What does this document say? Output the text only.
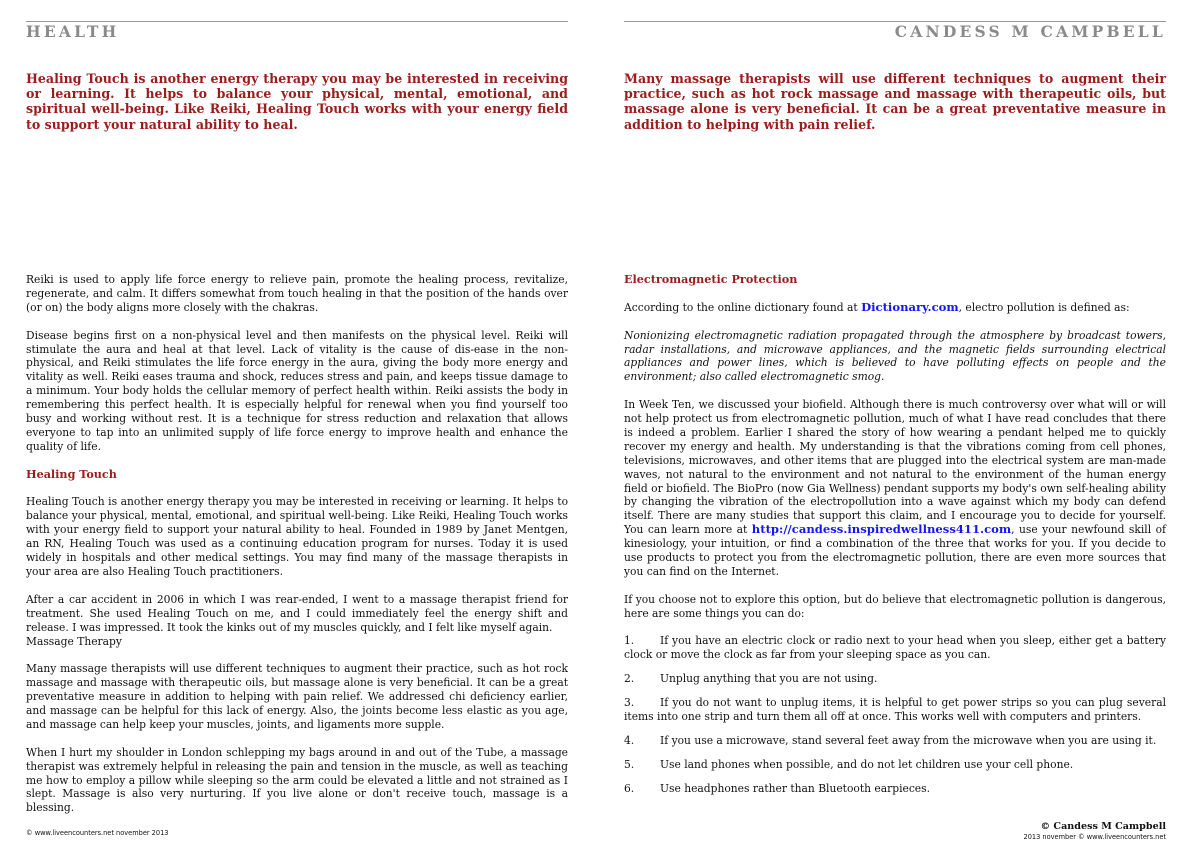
HEALTH

Healing Touch is another energy therapy you may be interested in receiving or learning. It helps to balance your physical, mental, emotional, and spiritual well-being. Like Reiki, Healing Touch works with your energy field to support your natural ability to heal.

Reiki is used to apply life force energy to relieve pain, promote the healing process, revitalize, regenerate, and calm. It differs somewhat from touch healing in that the position of the hands over (or on) the body aligns more closely with the chakras.

Disease begins first on a non-physical level and then manifests on the physical level. Reiki will stimulate the aura and heal at that level. Lack of vitality is the cause of dis-ease in the non-physical, and Reiki stimulates the life force energy in the aura, giving the body more energy and vitality as well. Reiki eases trauma and shock, reduces stress and pain, and keeps tissue damage to a minimum. Your body holds the cellular memory of perfect health within. Reiki assists the body in remembering this perfect health. It is especially helpful for renewal when you find yourself too busy and working without rest. It is a technique for stress reduction and relaxation that allows everyone to tap into an unlimited supply of life force energy to improve health and enhance the quality of life.

Healing Touch

Healing Touch is another energy therapy you may be interested in receiving or learning. It helps to balance your physical, mental, emotional, and spiritual well-being. Like Reiki, Healing Touch works with your energy field to support your natural ability to heal. Founded in 1989 by Janet Mentgen, an RN, Healing Touch was used as a continuing education program for nurses. Today it is used widely in hospitals and other medical settings. You may find many of the massage therapists in your area are also Healing Touch practitioners.

After a car accident in 2006 in which I was rear-ended, I went to a massage therapist friend for treatment. She used Healing Touch on me, and I could immediately feel the energy shift and release. I was impressed. It took the kinks out of my muscles quickly, and I felt like myself again.

Massage Therapy

Many massage therapists will use different techniques to augment their practice, such as hot rock massage and massage with therapeutic oils, but massage alone is very beneficial. It can be a great preventative measure in addition to helping with pain relief. We addressed chi deficiency earlier, and massage can be helpful for this lack of energy. Also, the joints become less elastic as you age, and massage can help keep your muscles, joints, and ligaments more supple.

When I hurt my shoulder in London schlepping my bags around in and out of the Tube, a massage therapist was extremely helpful in releasing the pain and tension in the muscle, as well as teaching me how to employ a pillow while sleeping so the arm could be elevated a little and not strained as I slept. Massage is also very nurturing. If you live alone or don't receive touch, massage is a blessing.

© www.liveencounters.net november 2013
CANDESS M CAMPBELL

Many massage therapists will use different techniques to augment their practice, such as hot rock massage and massage with therapeutic oils, but massage alone is very beneficial. It can be a great preventative measure in addition to helping with pain relief.

Electromagnetic Protection

According to the online dictionary found at Dictionary.com, electro pollution is defined as:

Nonionizing electromagnetic radiation propagated through the atmosphere by broadcast towers, radar installations, and microwave appliances, and the magnetic fields surrounding electrical appliances and power lines, which is believed to have polluting effects on people and the environment; also called electromagnetic smog.

In Week Ten, we discussed your biofield. Although there is much controversy over what will or will not help protect us from electromagnetic pollution, much of what I have read concludes that there is indeed a problem. Earlier I shared the story of how wearing a pendant helped me to quickly recover my energy and health. My understanding is that the vibrations coming from cell phones, televisions, microwaves, and other items that are plugged into the electrical system are man-made waves, not natural to the environment and not natural to the environment of the human energy field or biofield. The BioPro (now Gia Wellness) pendant supports my body's own self-healing ability by changing the vibration of the electropollution into a wave against which my body can defend itself. There are many studies that support this claim, and I encourage you to decide for yourself. You can learn more at http://candess.inspiredwellness411.com, use your newfound skill of kinesiology, your intuition, or find a combination of the three that works for you. If you decide to use products to protect you from the electromagnetic pollution, there are even more sources that you can find on the Internet.

If you choose not to explore this option, but do believe that electromagnetic pollution is dangerous, here are some things you can do:

1. If you have an electric clock or radio next to your head when you sleep, either get a battery clock or move the clock as far from your sleeping space as you can.
2.	Unplug anything that you are not using.
3. If you do not want to unplug items, it is helpful to get power strips so you can plug several items into one strip and turn them all off at once. This works well with computers and printers.
4.	If you use a microwave, stand several feet away from the microwave when you are using it.
5.	Use land phones when possible, and do not let children use your cell phone.
6.	Use headphones rather than Bluetooth earpieces.
© Candess M Campbell
2013 november © www.liveencounters.net
